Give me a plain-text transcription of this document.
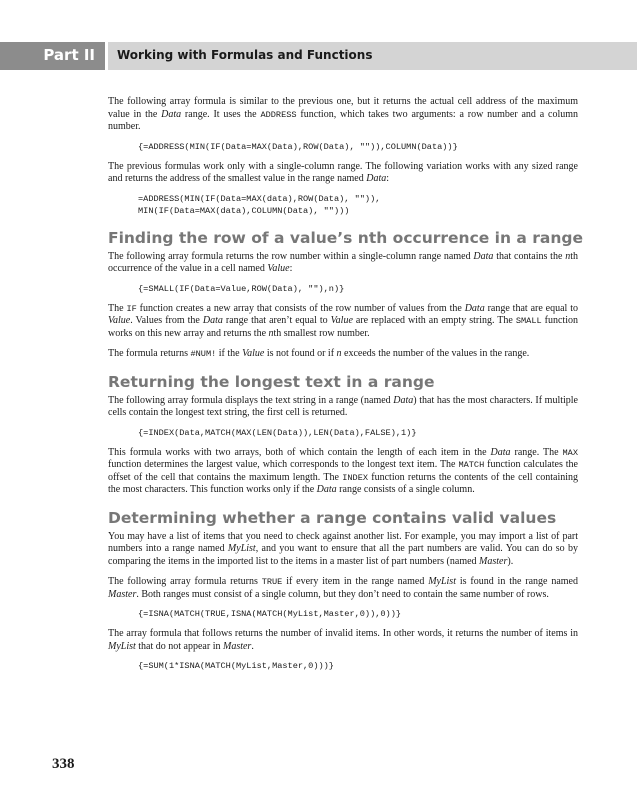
Part II Working with Formulas and Functions

The following array formula is similar to the previous one, but it returns the actual cell address of the maximum value in the Data range. It uses the ADDRESS function, which takes two arguments: a row number and a column number.

{=ADDRESS(MIN(IF(Data=MAX(Data),ROW(Data), "")),COLUMN(Data))}

The previous formulas work only with a single-column range. The following variation works with any sized range and returns the address of the smallest value in the range named Data:

=ADDRESS(MIN(IF(Data=MAX(data),ROW(Data), "")),
MIN(IF(Data=MAX(data),COLUMN(Data), "")))
Finding the row of a value’s nth occurrence in a range

The following array formula returns the row number within a single-column range named Data that contains the nth occurrence of the value in a cell named Value:

{=SMALL(IF(Data=Value,ROW(Data), ""),n)}

The IF function creates a new array that consists of the row number of values from the Data range that are equal to Value. Values from the Data range that aren’t equal to Value are replaced with an empty string. The SMALL function works on this new array and returns the nth smallest row number.

The formula returns #NUM! if the Value is not found or if n exceeds the number of the values in the range.

Returning the longest text in a range

The following array formula displays the text string in a range (named Data) that has the most characters. If multiple cells contain the longest text string, the first cell is returned.

{=INDEX(Data,MATCH(MAX(LEN(Data)),LEN(Data),FALSE),1)}

This formula works with two arrays, both of which contain the length of each item in the Data range. The MAX function determines the largest value, which corresponds to the longest text item. The MATCH function calculates the offset of the cell that contains the maximum length. The INDEX function returns the contents of the cell containing the most characters. This function works only if the Data range consists of a single column.

Determining whether a range contains valid values

You may have a list of items that you need to check against another list. For example, you may import a list of part numbers into a range named MyList, and you want to ensure that all the part numbers are valid. You can do so by comparing the items in the imported list to the items in a master list of part numbers (named Master).

The following array formula returns TRUE if every item in the range named MyList is found in the range named Master. Both ranges must consist of a single column, but they don’t need to contain the same number of rows.

{=ISNA(MATCH(TRUE,ISNA(MATCH(MyList,Master,0)),0))}

The array formula that follows returns the number of invalid items. In other words, it returns the number of items in MyList that do not appear in Master.

{=SUM(1*ISNA(MATCH(MyList,Master,0)))}
338
